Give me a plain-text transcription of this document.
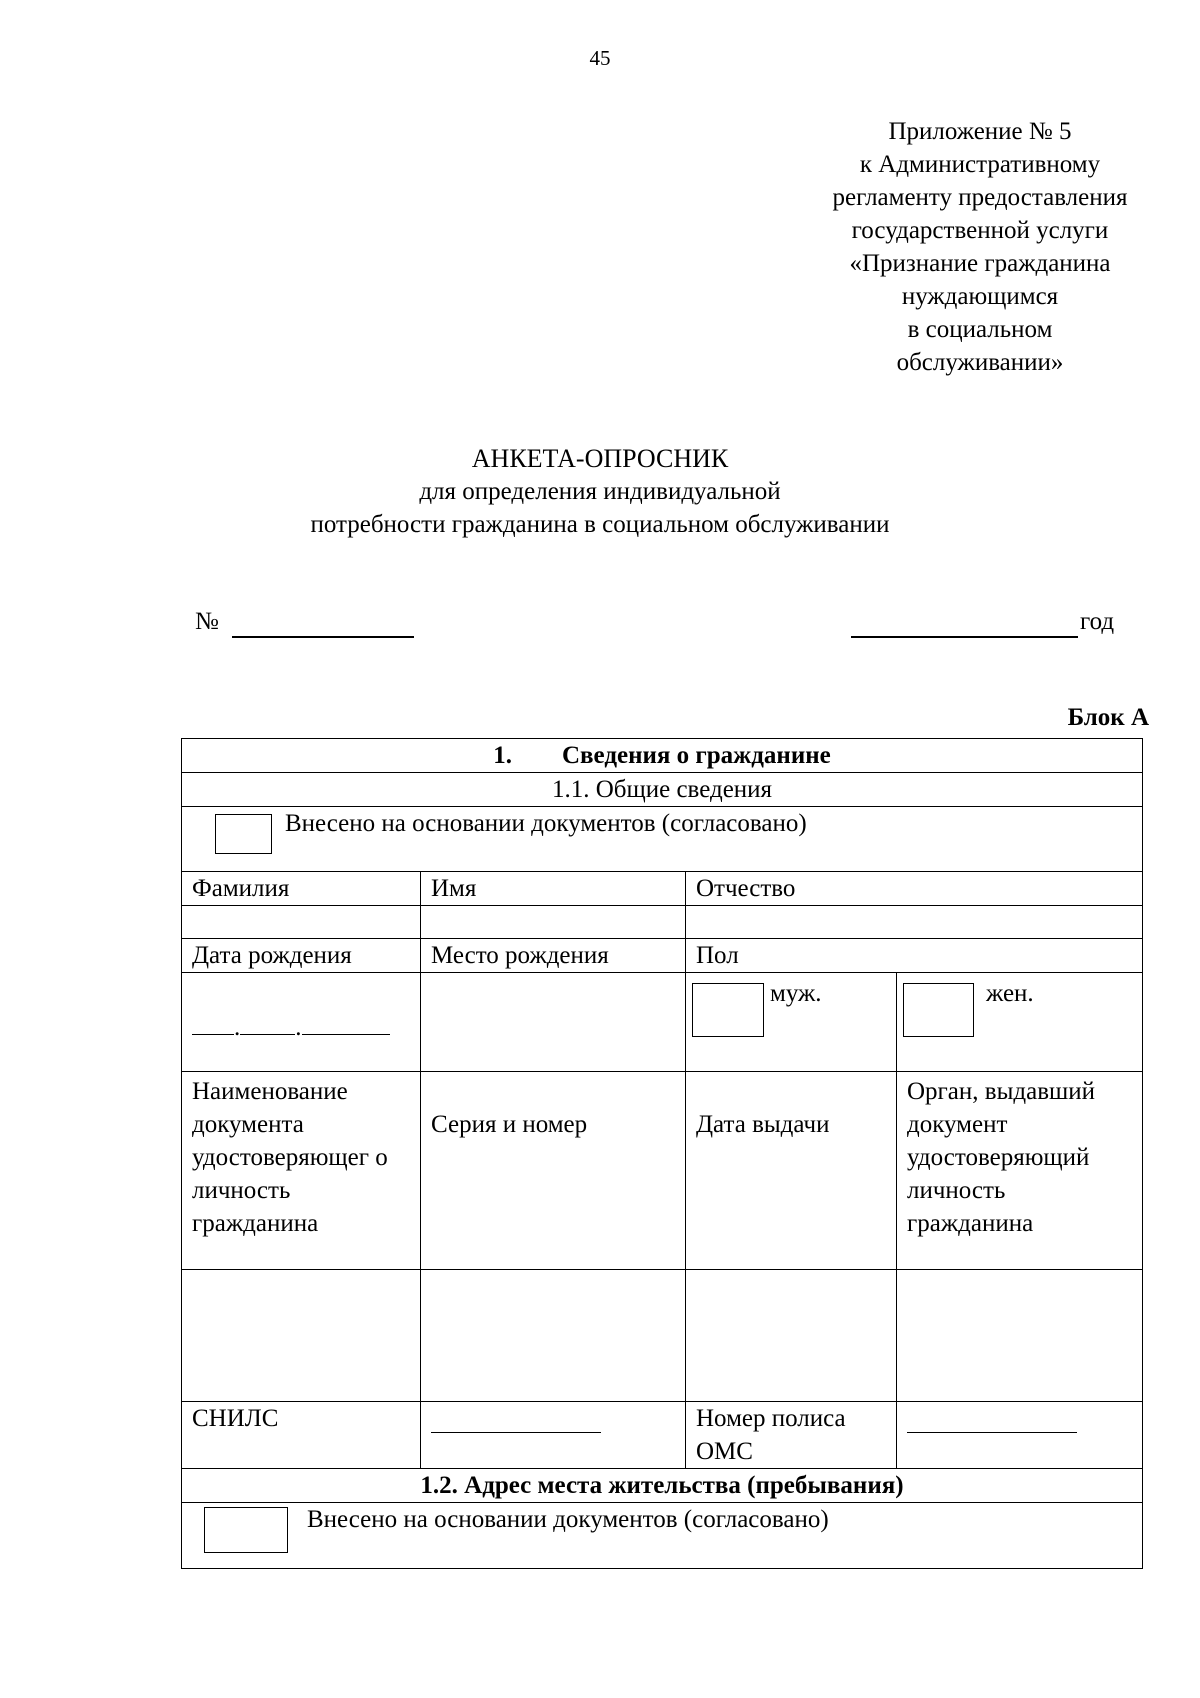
45
Приложение № 5
к Административному
регламенту предоставления
государственной услуги
«Признание гражданина
нуждающимся
в социальном
обслуживании»
АНКЕТА-ОПРОСНИК
для определения индивидуальной
потребности гражданина в социальном обслуживании
№	год
Блок А
1. Сведения о гражданине			
1.1. Общие сведения			
Внесено на основании документов (согласовано)			
Фамилия	Имя	Отчество	

Дата рождения	Место рождения	Пол	

. .		муж.	жен.

Наименование документа удостоверяющег о личность гражданина	Серия и номер	Дата выдачи	Орган, выдавший документ удостоверяющий личность гражданина

СНИЛС		Номер полиса ОМС	
1.2. Адрес места жительства (пребывания)			
Внесено на основании документов (согласовано)			
